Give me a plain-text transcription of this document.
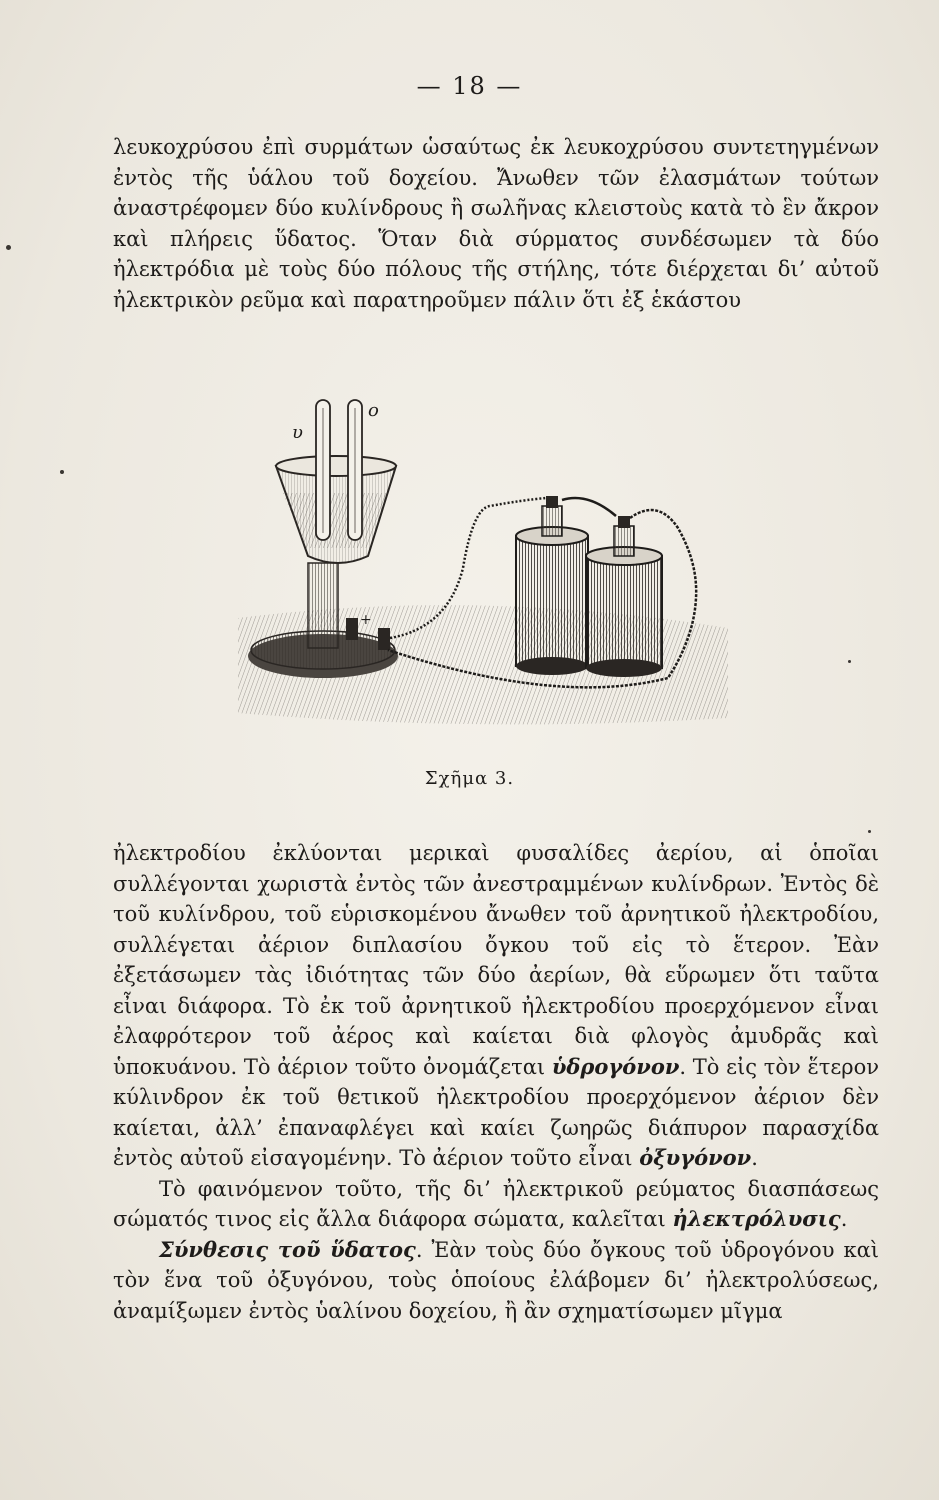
— 18 —

λευκοχρύσου ἐπὶ συρμάτων ὡσαύτως ἐκ λευκοχρύσου συντετηγμένων ἐντὸς τῆς ὑάλου τοῦ δοχείου. Ἄνωθεν τῶν ἐλασμάτων τούτων ἀναστρέφομεν δύο κυλίνδρους ἢ σωλῆνας κλειστοὺς κατὰ τὸ ἓν ἄκρον καὶ πλήρεις ὕδατος. Ὅταν διὰ σύρματος συνδέσωμεν τὰ δύο ἠλεκτρόδια μὲ τοὺς δύο πόλους τῆς στήλης, τότε διέρχεται δι’ αὐτοῦ ἠλεκτρικὸν ρεῦμα καὶ παρατηροῦμεν πάλιν ὅτι ἐξ ἑκάστου

+
υ
ο
Σχῆμα 3.

ἠλεκτροδίου ἐκλύονται μερικαὶ φυσαλίδες ἀερίου, αἱ ὁποῖαι συλλέγονται χωριστὰ ἐντὸς τῶν ἀνεστραμμένων κυλίνδρων. Ἐντὸς δὲ τοῦ κυλίνδρου, τοῦ εὑρισκομένου ἄνωθεν τοῦ ἀρνητικοῦ ἠλεκτροδίου, συλλέγεται ἀέριον διπλασίου ὄγκου τοῦ εἰς τὸ ἕτερον. Ἐὰν ἐξετάσωμεν τὰς ἰδιότητας τῶν δύο ἀερίων, θὰ εὕρωμεν ὅτι ταῦτα εἶναι διάφορα. Τὸ ἐκ τοῦ ἀρνητικοῦ ἠλεκτροδίου προερχόμενον εἶναι ἐλαφρότερον τοῦ ἀέρος καὶ καίεται διὰ φλογὸς ἀμυδρᾶς καὶ ὑποκυάνου. Τὸ ἀέριον τοῦτο ὀνομάζεται ὑδρογόνον. Τὸ εἰς τὸν ἕτερον κύλινδρον ἐκ τοῦ θετικοῦ ἠλεκτροδίου προερχόμενον ἀέριον δὲν καίεται, ἀλλ’ ἐπαναφλέγει καὶ καίει ζωηρῶς διάπυρον παρασχίδα ἐντὸς αὐτοῦ εἰσαγομένην. Τὸ ἀέριον τοῦτο εἶναι ὀξυγόνον.

Τὸ φαινόμενον τοῦτο, τῆς δι’ ἠλεκτρικοῦ ρεύματος διασπάσεως σώματός τινος εἰς ἄλλα διάφορα σώματα, καλεῖται ἠλεκτρόλυσις.

Σύνθεσις τοῦ ὕδατος. Ἐὰν τοὺς δύο ὄγκους τοῦ ὑδρογόνου καὶ τὸν ἕνα τοῦ ὀξυγόνου, τοὺς ὁποίους ἐλάβομεν δι’ ἠλεκτρολύσεως, ἀναμίξωμεν ἐντὸς ὑαλίνου δοχείου, ἢ ἂν σχηματίσωμεν μῖγμα
